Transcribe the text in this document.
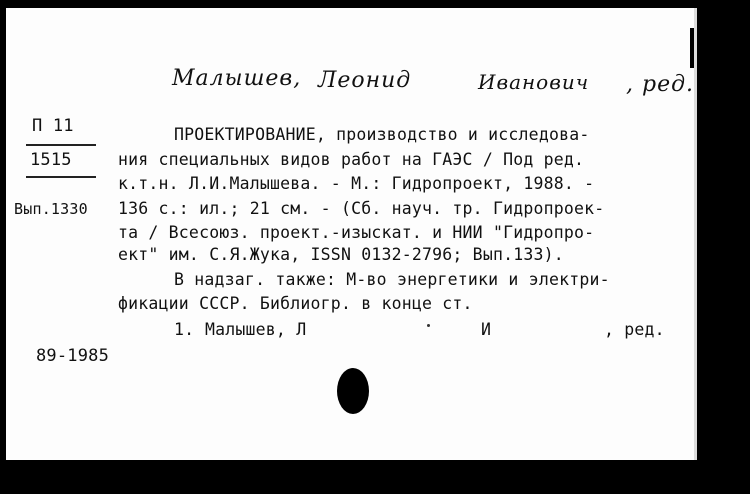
Малышев, Леонид	Иванович , ред.
П 11
1515
Вып.1330
ПРОЕКТИРОВАНИЕ, производство и исследова-
ния специальных видов работ на ГАЭС / Под ред.
к.т.н. Л.И.Малышева. - М.: Гидропроект, 1988. -
136 с.: ил.; 21 см. - (Сб. науч. тр. Гидропроек-
та / Всесоюз. проект.-изыскат. и НИИ "Гидропро-
ект" им. С.Я.Жука, ISSN 0132-2796; Вып.133).
В надзаг. также: М-во энергетики и электри-
фикации СССР. Библиогр. в конце ст.
1. Малышев, Л	И	, ред.
89-1985
